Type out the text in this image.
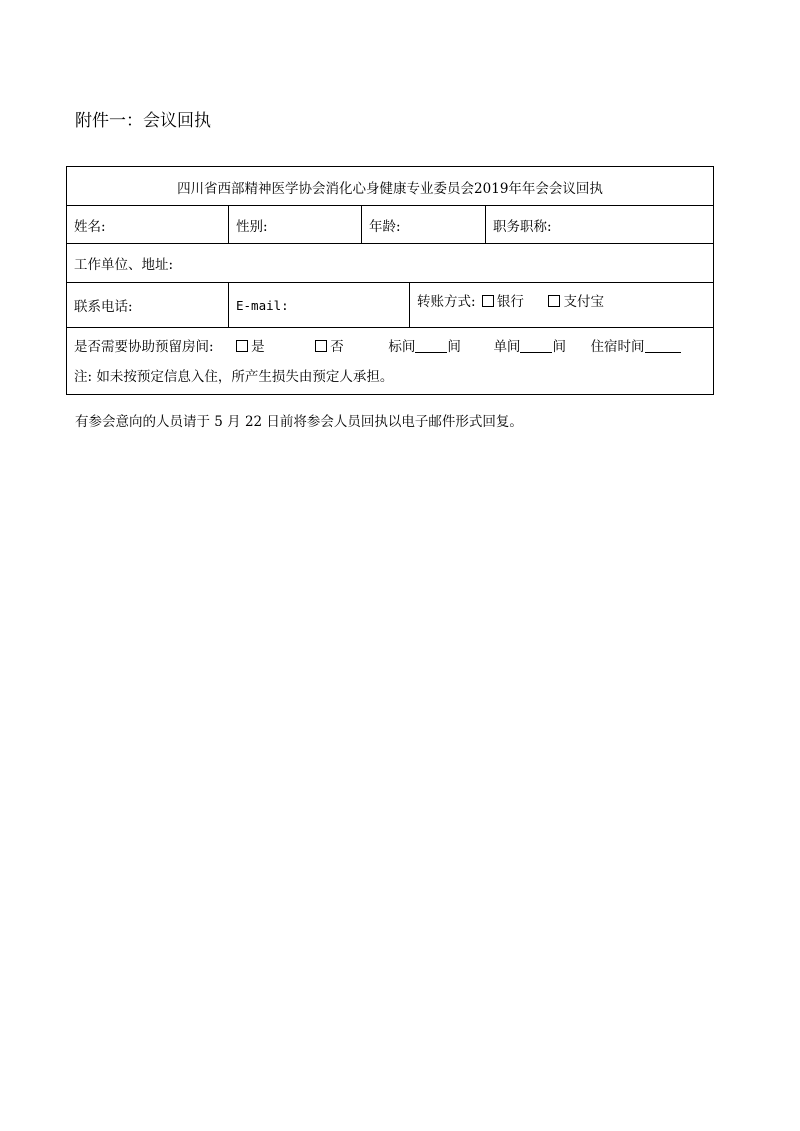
附件一：会议回执
四川省西部精神医学协会消化心身健康专业委员会2019年年会会议回执
姓名:	性别:	年龄:	职务职称:
工作单位、地址:
联系电话:	E-mail:	转账方式: 银行	支付宝
是否需要协助预留房间:	是	否	标间 间 单间 间 住宿时间
注: 如未按预定信息入住，所产生损失由预定人承担。
有参会意向的人员请于 5 月 22 日前将参会人员回执以电子邮件形式回复。
